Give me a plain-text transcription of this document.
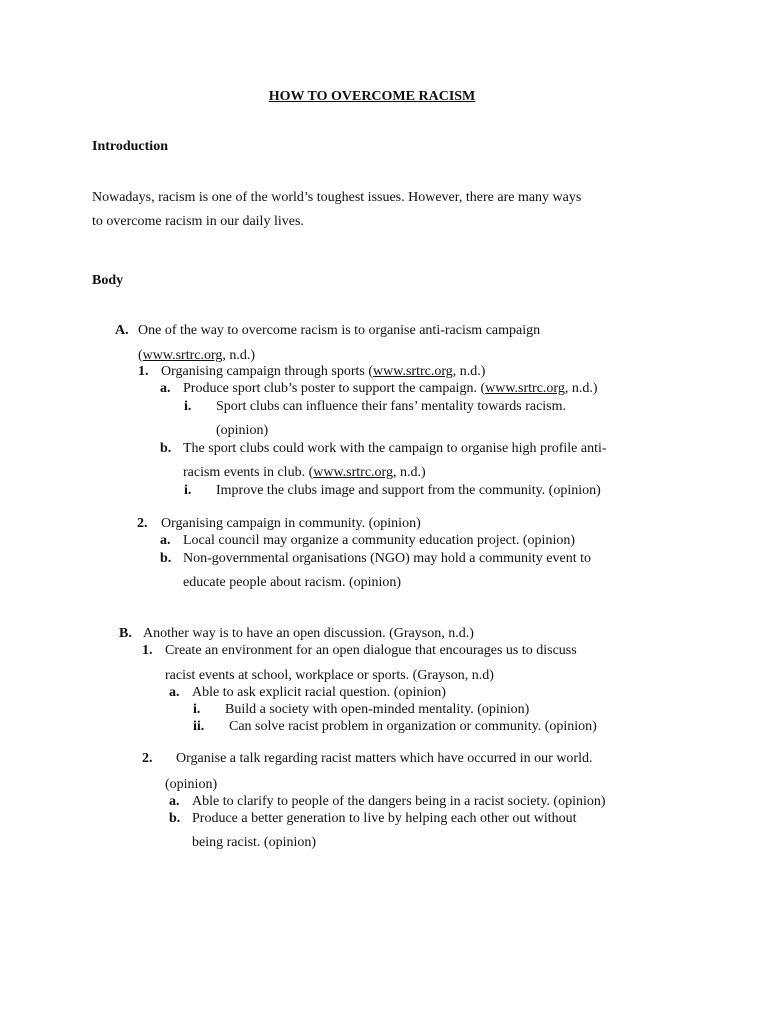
HOW TO OVERCOME RACISM
Introduction
Nowadays, racism is one of the world’s toughest issues. However, there are many ways
to overcome racism in our daily lives.
Body
A. One of the way to overcome racism is to organise anti-racism campaign
(www.srtrc.org, n.d.)
1. Organising campaign through sports (www.srtrc.org, n.d.)
a. Produce sport club’s poster to support the campaign. (www.srtrc.org, n.d.)
i. Sport clubs can influence their fans’ mentality towards racism.
(opinion)
b. The sport clubs could work with the campaign to organise high profile anti-
racism events in club. (www.srtrc.org, n.d.)
i. Improve the clubs image and support from the community. (opinion)
2. Organising campaign in community. (opinion)
a. Local council may organize a community education project. (opinion)
b. Non-governmental organisations (NGO) may hold a community event to
educate people about racism. (opinion)
B. Another way is to have an open discussion. (Grayson, n.d.)
1. Create an environment for an open dialogue that encourages us to discuss
racist events at school, workplace or sports. (Grayson, n.d)
a. Able to ask explicit racial question. (opinion)
i. Build a society with open-minded mentality. (opinion)
ii. Can solve racist problem in organization or community. (opinion)
2. Organise a talk regarding racist matters which have occurred in our world.
(opinion)
a. Able to clarify to people of the dangers being in a racist society. (opinion)
b. Produce a better generation to live by helping each other out without
being racist. (opinion)
